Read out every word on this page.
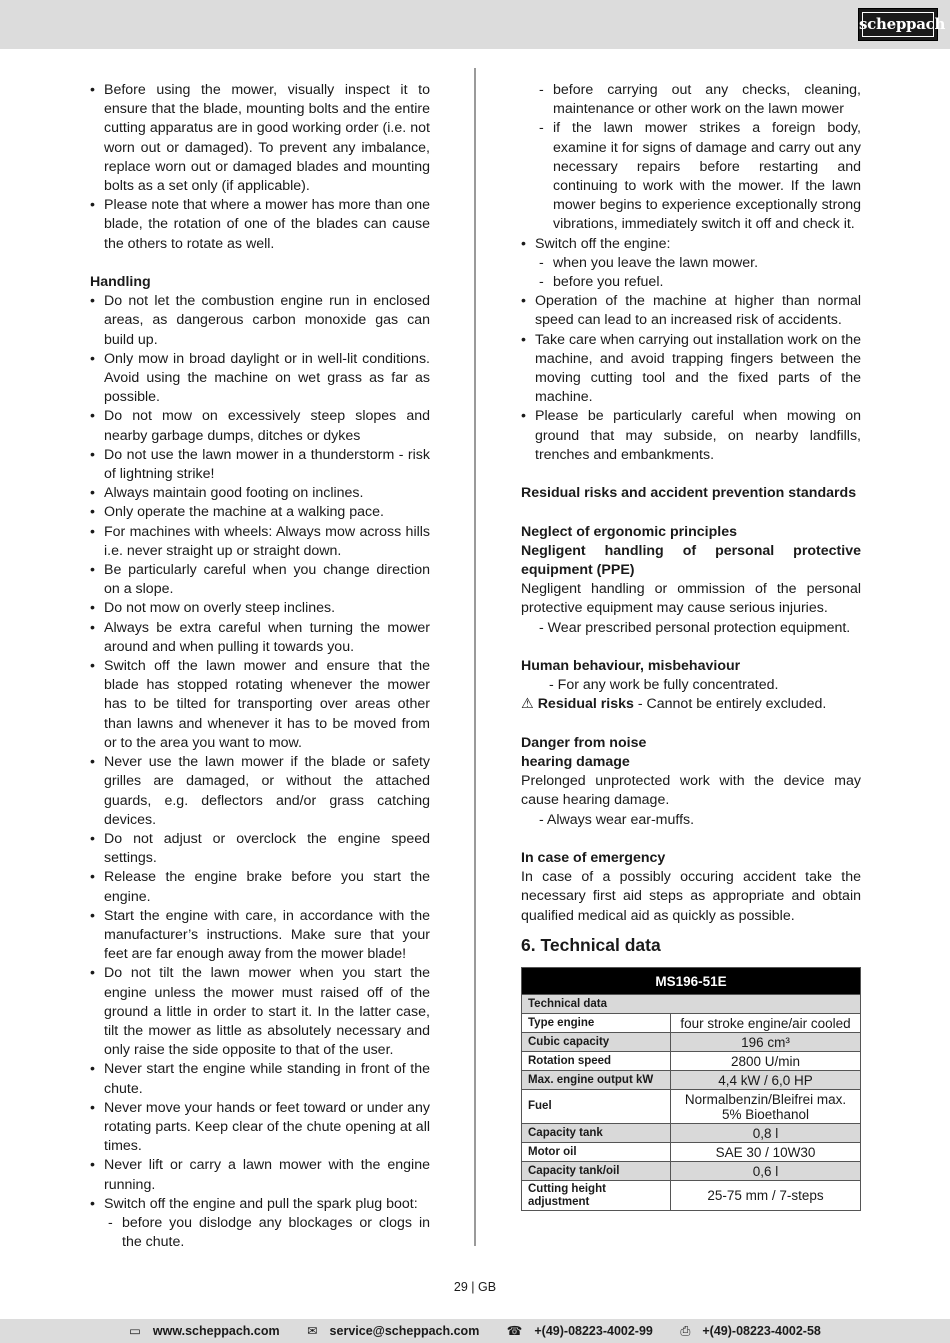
scheppach
• Before using the mower, visually inspect it to ensure that the blade, mounting bolts and the entire cutting apparatus are in good working order (i.e. not worn out or damaged). To prevent any imbalance, replace worn out or damaged blades and mounting bolts as a set only (if applicable).
• Please note that where a mower has more than one blade, the rotation of one of the blades can cause the others to rotate as well.
Handling
• Do not let the combustion engine run in enclosed areas, as dangerous carbon monoxide gas can build up.
• Only mow in broad daylight or in well-lit conditions. Avoid using the machine on wet grass as far as possible.
• Do not mow on excessively steep slopes and nearby garbage dumps, ditches or dykes
• Do not use the lawn mower in a thunderstorm - risk of lightning strike!
• Always maintain good footing on inclines.
• Only operate the machine at a walking pace.
• For machines with wheels: Always mow across hills i.e. never straight up or straight down.
• Be particularly careful when you change direction on a slope.
• Do not mow on overly steep inclines.
• Always be extra careful when turning the mower around and when pulling it towards you.
• Switch off the lawn mower and ensure that the blade has stopped rotating whenever the mower has to be tilted for transporting over areas other than lawns and whenever it has to be moved from or to the area you want to mow.
• Never use the lawn mower if the blade or safety grilles are damaged, or without the attached guards, e.g. deflectors and/or grass catching devices.
• Do not adjust or overclock the engine speed settings.
• Release the engine brake before you start the engine.
• Start the engine with care, in accordance with the manufacturer’s instructions. Make sure that your feet are far enough away from the mower blade!
• Do not tilt the lawn mower when you start the engine unless the mower must raised off of the ground a little in order to start it. In the latter case, tilt the mower as little as absolutely necessary and only raise the side opposite to that of the user.
• Never start the engine while standing in front of the chute.
• Never move your hands or feet toward or under any rotating parts. Keep clear of the chute opening at all times.
• Never lift or carry a lawn mower with the engine running.
• Switch off the engine and pull the spark plug boot:
- before you dislodge any blockages or clogs in the chute.
- before carrying out any checks, cleaning, maintenance or other work on the lawn mower
- if the lawn mower strikes a foreign body, examine it for signs of damage and carry out any necessary repairs before restarting and continuing to work with the mower. If the lawn mower begins to experience exceptionally strong vibrations, immediately switch it off and check it.
• Switch off the engine:
- when you leave the lawn mower.
- before you refuel.
• Operation of the machine at higher than normal speed can lead to an increased risk of accidents.
• Take care when carrying out installation work on the machine, and avoid trapping fingers between the moving cutting tool and the fixed parts of the machine.
• Please be particularly careful when mowing on ground that may subside, on nearby landfills, trenches and embankments.

Residual risks and accident prevention standards

Neglect of ergonomic principles

Negligent handling of personal protective equipment (PPE)

Negligent handling or ommission of the personal protective equipment may cause serious injuries.

- Wear prescribed personal protection equipment.
Human behaviour, misbehaviour
- For any work be fully concentrated.
⚠ Residual risks - Cannot be entirely excluded.
Danger from noise
hearing damage

Prelonged unprotected work with the device may cause hearing damage.

- Always wear ear-muffs.
In case of emergency

In case of a possibly occuring accident take the necessary first aid steps as appropriate and obtain qualified medical aid as quickly as possible.

6. Technical data
MS196-51E	
Technical data	
Type engine	four stroke engine/air cooled
Cubic capacity	196 cm³
Rotation speed	2800 U/min
Max. engine output kW	4,4 kW / 6,0 HP
Fuel	Normalbenzin/Bleifrei max. 5% Bioethanol
Capacity tank	0,8 l
Motor oil	SAE 30 / 10W30
Capacity tank/oil	0,6 l
Cutting height adjustment	25-75 mm / 7-steps
29 | GB
▭ www.scheppach.com ✉ service@scheppach.com ☎ +(49)-08223-4002-99 ⎙ +(49)-08223-4002-58
